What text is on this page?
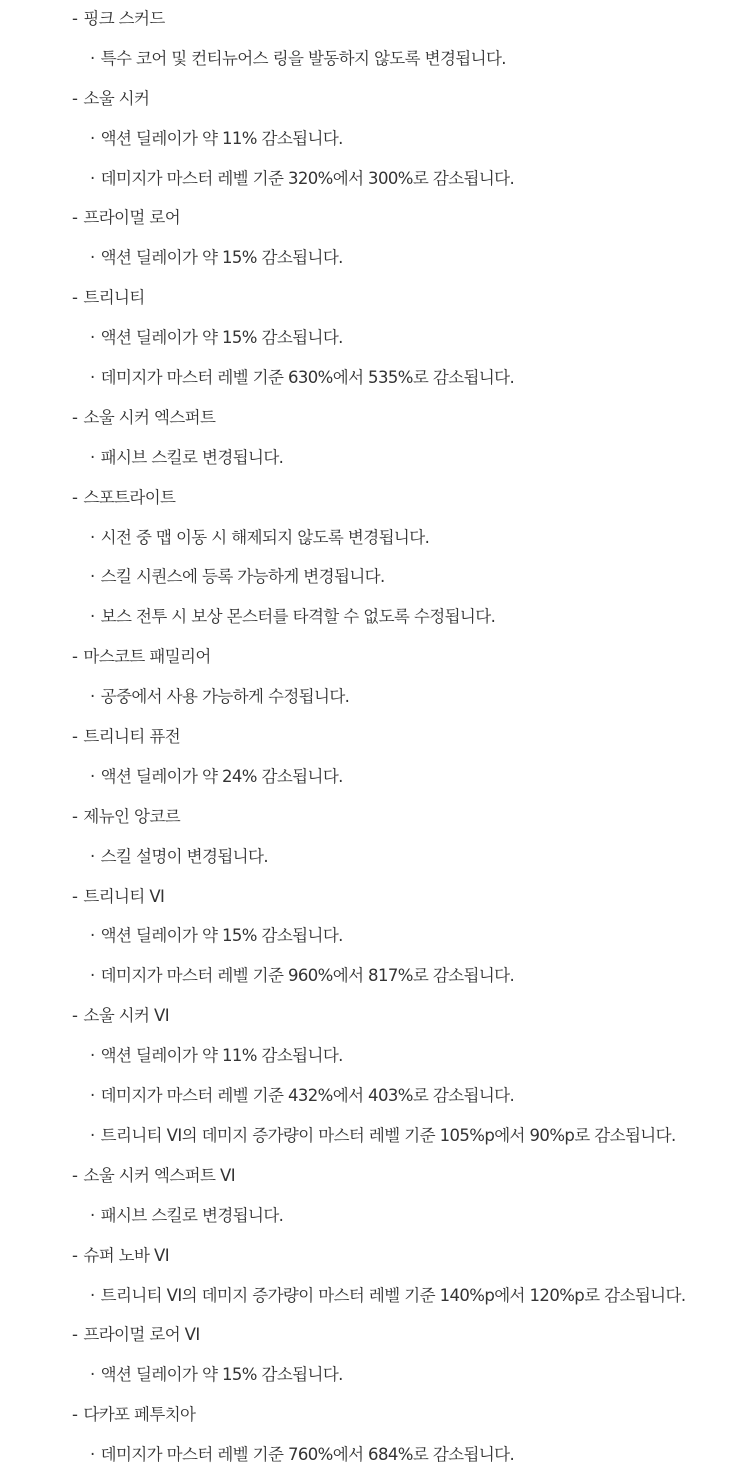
- 핑크 스커드
· 특수 코어 및 컨티뉴어스 링을 발동하지 않도록 변경됩니다.
- 소울 시커
· 액션 딜레이가 약 11% 감소됩니다.
· 데미지가 마스터 레벨 기준 320%에서 300%로 감소됩니다.
- 프라이멀 로어
· 액션 딜레이가 약 15% 감소됩니다.
- 트리니티
· 액션 딜레이가 약 15% 감소됩니다.
· 데미지가 마스터 레벨 기준 630%에서 535%로 감소됩니다.
- 소울 시커 엑스퍼트
· 패시브 스킬로 변경됩니다.
- 스포트라이트
· 시전 중 맵 이동 시 해제되지 않도록 변경됩니다.
· 스킬 시퀀스에 등록 가능하게 변경됩니다.
· 보스 전투 시 보상 몬스터를 타격할 수 없도록 수정됩니다.
- 마스코트 패밀리어
· 공중에서 사용 가능하게 수정됩니다.
- 트리니티 퓨전
· 액션 딜레이가 약 24% 감소됩니다.
- 제뉴인 앙코르
· 스킬 설명이 변경됩니다.
- 트리니티 VI
· 액션 딜레이가 약 15% 감소됩니다.
· 데미지가 마스터 레벨 기준 960%에서 817%로 감소됩니다.
- 소울 시커 VI
· 액션 딜레이가 약 11% 감소됩니다.
· 데미지가 마스터 레벨 기준 432%에서 403%로 감소됩니다.
· 트리니티 VI의 데미지 증가량이 마스터 레벨 기준 105%p에서 90%p로 감소됩니다.
- 소울 시커 엑스퍼트 VI
· 패시브 스킬로 변경됩니다.
- 슈퍼 노바 VI
· 트리니티 VI의 데미지 증가량이 마스터 레벨 기준 140%p에서 120%p로 감소됩니다.
- 프라이멀 로어 VI
· 액션 딜레이가 약 15% 감소됩니다.
- 다카포 페투치아
· 데미지가 마스터 레벨 기준 760%에서 684%로 감소됩니다.
